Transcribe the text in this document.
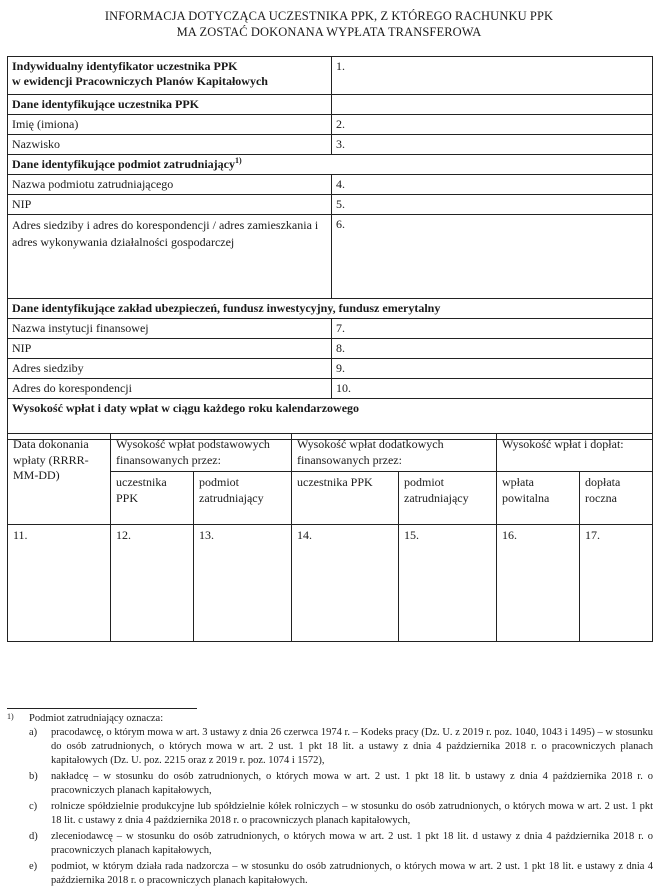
INFORMACJA DOTYCZĄCA UCZESTNIKA PPK, Z KTÓREGO RACHUNKU PPK
MA ZOSTAĆ DOKONANA WYPŁATA TRANSFEROWA
Indywidualny identyfikator uczestnika PPK
w ewidencji Pracowniczych Planów Kapitałowych	1.
Dane identyfikujące uczestnika PPK	
Imię (imiona)	2.
Nazwisko	3.
Dane identyfikujące podmiot zatrudniający$^{1)}$
Nazwa podmiotu zatrudniającego	4.
NIP	5.
Adres siedziby i adres do korespondencji / adres zamieszkania i adres wykonywania działalności gospodarczej	6.
Dane identyfikujące zakład ubezpieczeń, fundusz inwestycyjny, fundusz emerytalny	
Nazwa instytucji finansowej	7.
NIP	8.
Adres siedziby	9.
Adres do korespondencji	10.
Wysokość wpłat i daty wpłat w ciągu każdego roku kalendarzowego	
Data dokonania wpłaty (RRRR-MM-DD)	Wysokość wpłat podstawowych finansowanych przez:		Wysokość wpłat dodatkowych finansowanych przez:		Wysokość wpłat i dopłat:	
	uczestnika PPK	podmiot zatrudniający	uczestnika PPK	podmiot zatrudniający	wpłata powitalna	dopłata roczna
11.	12.	13.	14.	15.	16.	17.
1)	Podmiot zatrudniający oznacza:
a)	pracodawcę, o którym mowa w art. 3 ustawy z dnia 26 czerwca 1974 r. – Kodeks pracy (Dz. U. z 2019 r. poz. 1040, 1043 i 1495) – w stosunku do osób zatrudnionych, o których mowa w art. 2 ust. 1 pkt 18 lit. a ustawy z dnia 4 października 2018 r. o pracowniczych planach kapitałowych (Dz. U. poz. 2215 oraz z 2019 r. poz. 1074 i 1572),
b)	nakładcę – w stosunku do osób zatrudnionych, o których mowa w art. 2 ust. 1 pkt 18 lit. b ustawy z dnia 4 października 2018 r. o pracowniczych planach kapitałowych,
c)	rolnicze spółdzielnie produkcyjne lub spółdzielnie kółek rolniczych – w stosunku do osób zatrudnionych, o których mowa w art. 2 ust. 1 pkt 18 lit. c ustawy z dnia 4 października 2018 r. o pracowniczych planach kapitałowych,
d)	zleceniodawcę – w stosunku do osób zatrudnionych, o których mowa w art. 2 ust. 1 pkt 18 lit. d ustawy z dnia 4 października 2018 r. o pracowniczych planach kapitałowych,
e)	podmiot, w którym działa rada nadzorcza – w stosunku do osób zatrudnionych, o których mowa w art. 2 ust. 1 pkt 18 lit. e ustawy z dnia 4 października 2018 r. o pracowniczych planach kapitałowych.
